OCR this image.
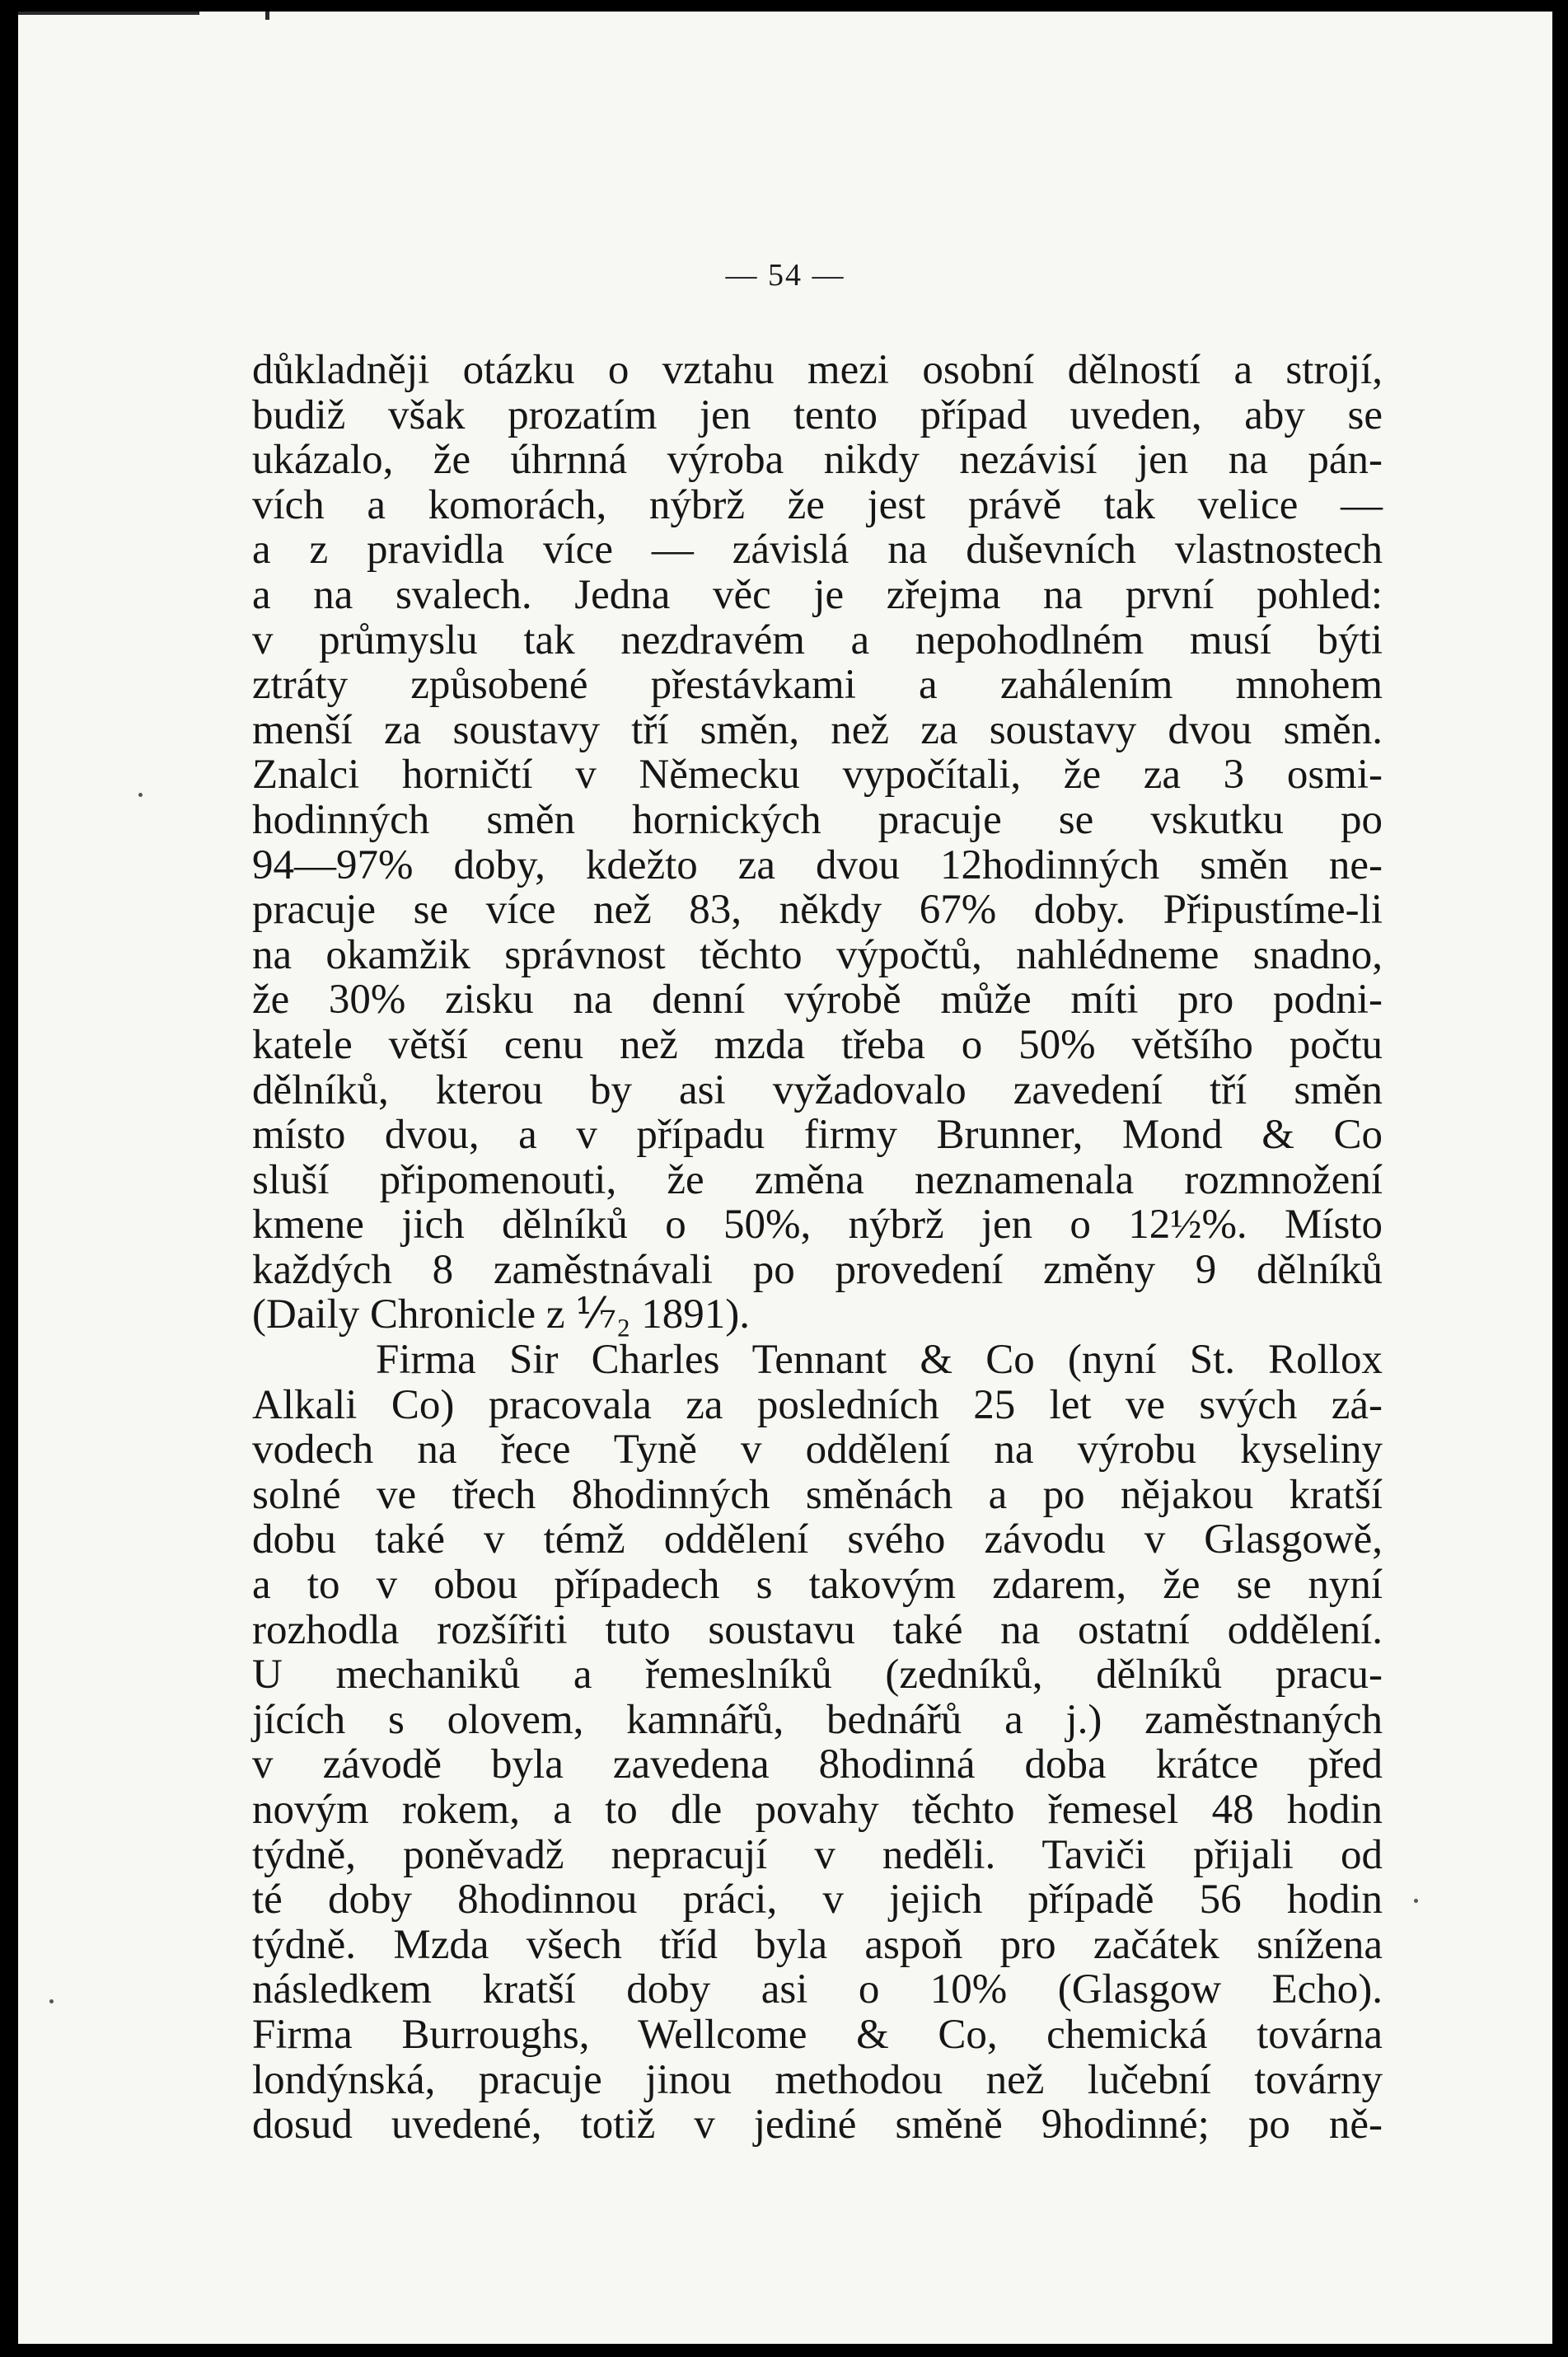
— 54 —
důkladněji otázku o vztahu mezi osobní dělností a strojí,
budiž však prozatím jen tento případ uveden, aby se
ukázalo, že úhrnná výroba nikdy nezávisí jen na pán-
vích a komorách, nýbrž že jest právě tak velice —
a z pravidla více — závislá na duševních vlastnostech
a na svalech. Jedna věc je zřejma na první pohled:
v průmyslu tak nezdravém a nepohodlném musí býti
ztráty způsobené přestávkami a zahálením mnohem
menší za soustavy tří směn, než za soustavy dvou směn.
Znalci horničtí v Německu vypočítali, že za 3 osmi-
hodinných směn hornických pracuje se vskutku po
94—97% doby, kdežto za dvou 12hodinných směn ne-
pracuje se více než 83, někdy 67% doby. Připustíme-li
na okamžik správnost těchto výpočtů, nahlédneme snadno,
že 30% zisku na denní výrobě může míti pro podni-
katele větší cenu než mzda třeba o 50% většího počtu
dělníků, kterou by asi vyžadovalo zavedení tří směn
místo dvou, a v případu firmy Brunner, Mond & Co
sluší připomenouti, že změna neznamenala rozmnožení
kmene jich dělníků o 50%, nýbrž jen o 12½%. Místo
každých 8 zaměstnávali po provedení změny 9 dělníků
(Daily Chronicle z ⅐₂ 1891).
Firma Sir Charles Tennant & Co (nyní St. Rollox
Alkali Co) pracovala za posledních 25 let ve svých zá-
vodech na řece Tyně v oddělení na výrobu kyseliny
solné ve třech 8hodinných směnách a po nějakou kratší
dobu také v témž oddělení svého závodu v Glasgowě,
a to v obou případech s takovým zdarem, že se nyní
rozhodla rozšířiti tuto soustavu také na ostatní oddělení.
U mechaniků a řemeslníků (zedníků, dělníků pracu-
jících s olovem, kamnářů, bednářů a j.) zaměstnaných
v závodě byla zavedena 8hodinná doba krátce před
novým rokem, a to dle povahy těchto řemesel 48 hodin
týdně, poněvadž nepracují v neděli. Taviči přijali od
té doby 8hodinnou práci, v jejich případě 56 hodin
týdně. Mzda všech tříd byla aspoň pro začátek snížena
následkem kratší doby asi o 10% (Glasgow Echo).
Firma Burroughs, Wellcome & Co, chemická továrna
londýnská, pracuje jinou methodou než lučební továrny
dosud uvedené, totiž v jediné směně 9hodinné; po ně-
